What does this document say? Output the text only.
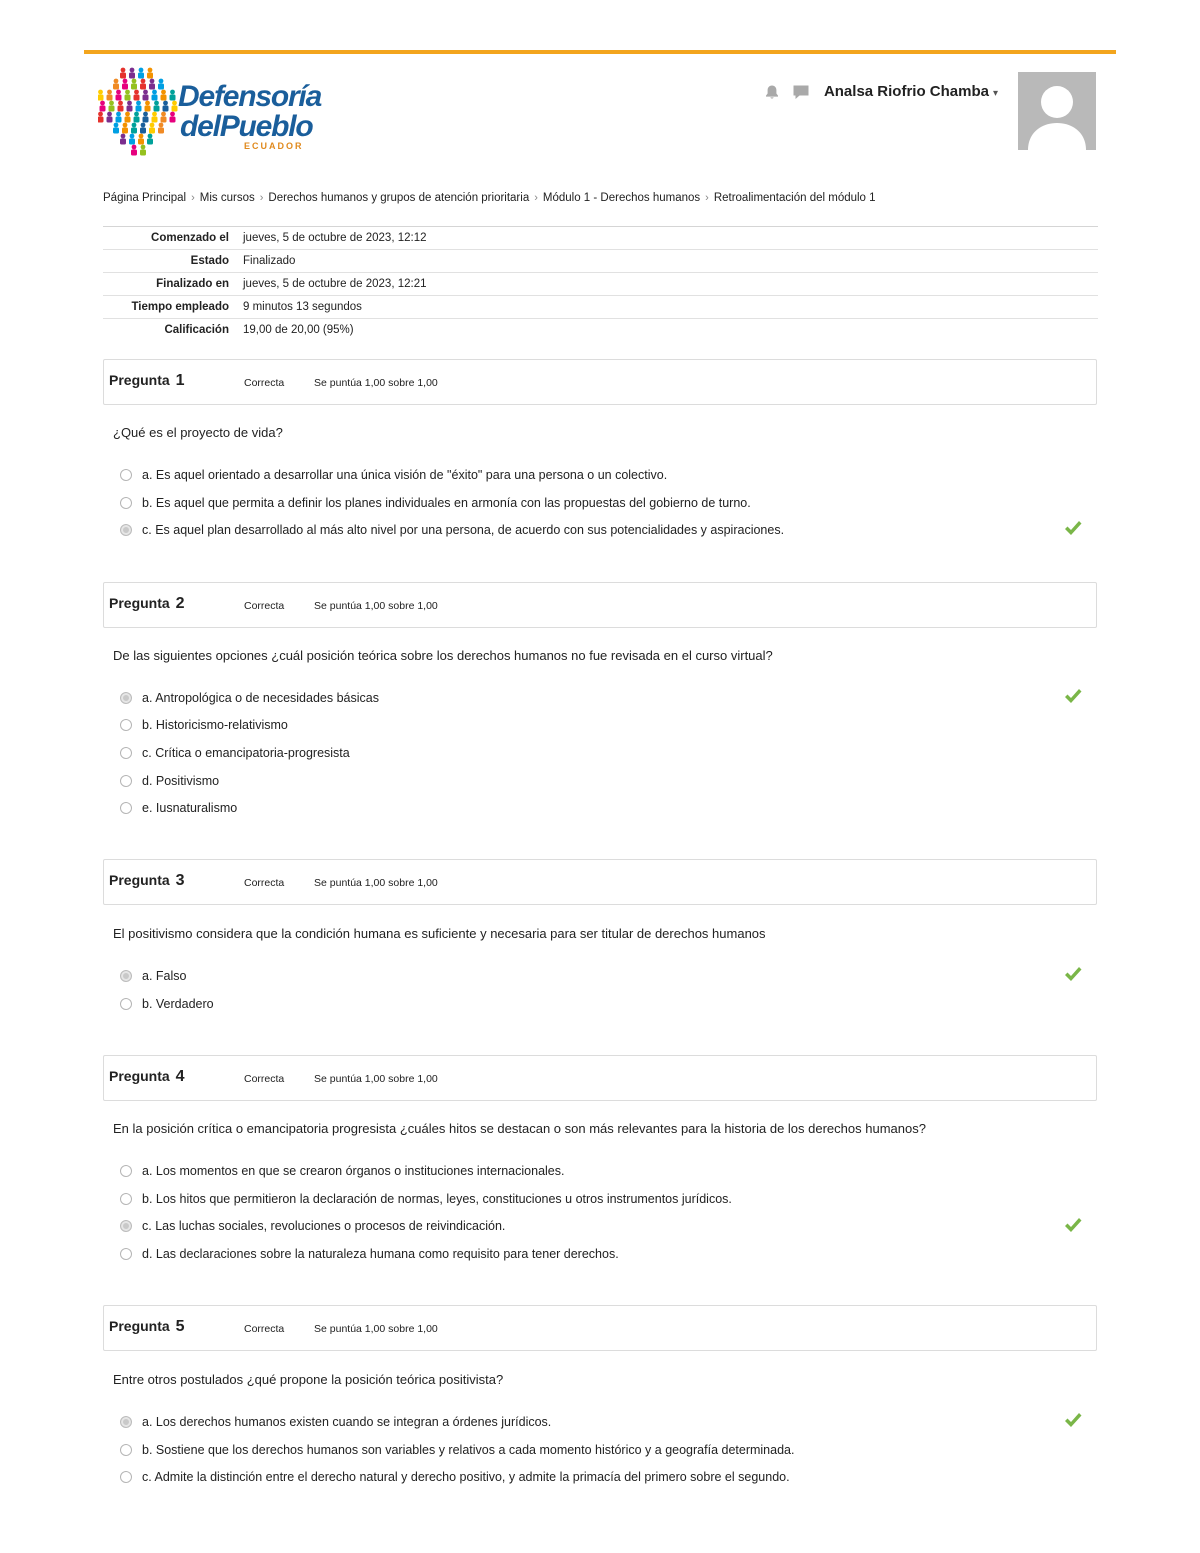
Defensoría
delPueblo
ECUADOR
Analsa Riofrio Chamba ▾
Página Principal › Mis cursos › Derechos humanos y grupos de atención prioritaria › Módulo 1 - Derechos humanos › Retroalimentación del módulo 1
Comenzado el	jueves, 5 de octubre de 2023, 12:12
Estado	Finalizado
Finalizado en	jueves, 5 de octubre de 2023, 12:21
Tiempo empleado	9 minutos 13 segundos
Calificación	19,00 de 20,00 (95%)
Pregunta 1	Correcta	Se puntúa 1,00 sobre 1,00
¿Qué es el proyecto de vida?
a. Es aquel orientado a desarrollar una única visión de "éxito" para una persona o un colectivo.
b. Es aquel que permita a definir los planes individuales en armonía con las propuestas del gobierno de turno.
c. Es aquel plan desarrollado al más alto nivel por una persona, de acuerdo con sus potencialidades y aspiraciones.
Pregunta 2	Correcta	Se puntúa 1,00 sobre 1,00
De las siguientes opciones ¿cuál posición teórica sobre los derechos humanos no fue revisada en el curso virtual?
a. Antropológica o de necesidades básicas
b. Historicismo-relativismo
c. Crítica o emancipatoria-progresista
d. Positivismo
e. Iusnaturalismo
Pregunta 3	Correcta	Se puntúa 1,00 sobre 1,00
El positivismo considera que la condición humana es suficiente y necesaria para ser titular de derechos humanos
a. Falso
b. Verdadero
Pregunta 4	Correcta	Se puntúa 1,00 sobre 1,00
En la posición crítica o emancipatoria progresista ¿cuáles hitos se destacan o son más relevantes para la historia de los derechos humanos?
a. Los momentos en que se crearon órganos o instituciones internacionales.
b. Los hitos que permitieron la declaración de normas, leyes, constituciones u otros instrumentos jurídicos.
c. Las luchas sociales, revoluciones o procesos de reivindicación.
d. Las declaraciones sobre la naturaleza humana como requisito para tener derechos.
Pregunta 5	Correcta	Se puntúa 1,00 sobre 1,00
Entre otros postulados ¿qué propone la posición teórica positivista?
a. Los derechos humanos existen cuando se integran a órdenes jurídicos.
b. Sostiene que los derechos humanos son variables y relativos a cada momento histórico y a geografía determinada.
c. Admite la distinción entre el derecho natural y derecho positivo, y admite la primacía del primero sobre el segundo.
